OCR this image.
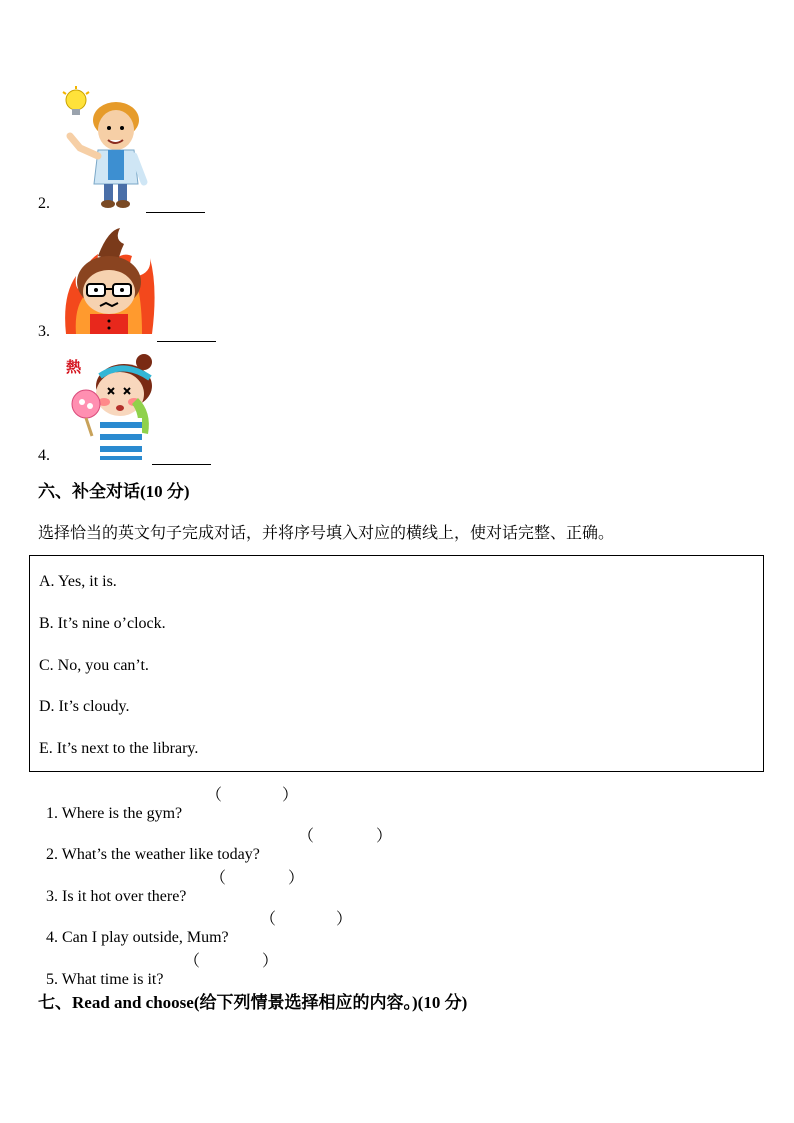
2.
3.
熱
4.
六、补全对话(10 分)
选择恰当的英文句子完成对话，并将序号填入对应的横线上，使对话完整、正确。
A. Yes, it is.
B. It’s nine o’clock.
C. No, you can’t.
D. It’s cloudy.
E. It’s next to the library.

1. Where is the gym?

（	）

2. What’s the weather like today?

（	）

3. Is it hot over there?

（	）

4. Can I play outside, Mum?

（	）

5. What time is it?

（	）
七、Read and choose(给下列情景选择相应的内容。)(10 分)
